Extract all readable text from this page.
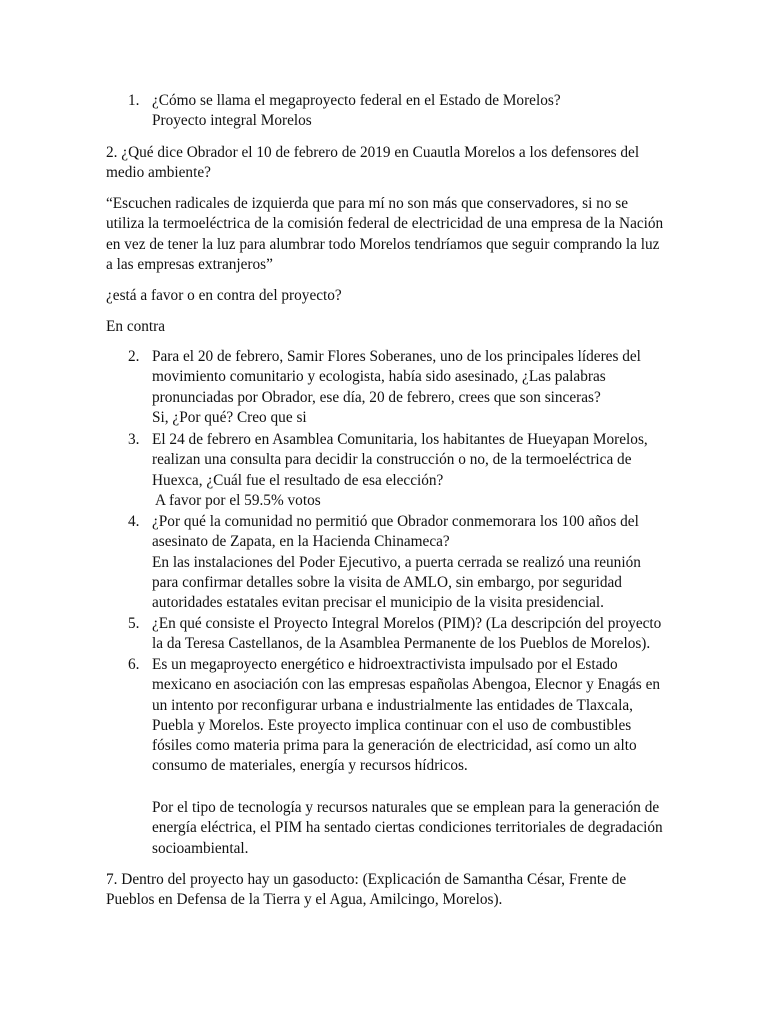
1. ¿Cómo se llama el megaproyecto federal en el Estado de Morelos?
Proyecto integral Morelos
2. ¿Qué dice Obrador el 10 de febrero de 2019 en Cuautla Morelos a los defensores del
medio ambiente?
“Escuchen radicales de izquierda que para mí no son más que conservadores, si no se
utiliza la termoeléctrica de la comisión federal de electricidad de una empresa de la Nación
en vez de tener la luz para alumbrar todo Morelos tendríamos que seguir comprando la luz
a las empresas extranjeros”
¿está a favor o en contra del proyecto?
En contra
2. Para el 20 de febrero, Samir Flores Soberanes, uno de los principales líderes del
movimiento comunitario y ecologista, había sido asesinado, ¿Las palabras
pronunciadas por Obrador, ese día, 20 de febrero, crees que son sinceras?
Si, ¿Por qué? Creo que si
3. El 24 de febrero en Asamblea Comunitaria, los habitantes de Hueyapan Morelos,
realizan una consulta para decidir la construcción o no, de la termoeléctrica de
Huexca, ¿Cuál fue el resultado de esa elección?
A favor por el 59.5% votos
4. ¿Por qué la comunidad no permitió que Obrador conmemorara los 100 años del
asesinato de Zapata, en la Hacienda Chinameca?
En las instalaciones del Poder Ejecutivo, a puerta cerrada se realizó una reunión
para confirmar detalles sobre la visita de AMLO, sin embargo, por seguridad
autoridades estatales evitan precisar el municipio de la visita presidencial.
5. ¿En qué consiste el Proyecto Integral Morelos (PIM)? (La descripción del proyecto
la da Teresa Castellanos, de la Asamblea Permanente de los Pueblos de Morelos).
6. Es un megaproyecto energético e hidroextractivista impulsado por el Estado
mexicano en asociación con las empresas españolas Abengoa, Elecnor y Enagás en
un intento por reconfigurar urbana e industrialmente las entidades de Tlaxcala,
Puebla y Morelos. Este proyecto implica continuar con el uso de combustibles
fósiles como materia prima para la generación de electricidad, así como un alto
consumo de materiales, energía y recursos hídricos.
Por el tipo de tecnología y recursos naturales que se emplean para la generación de
energía eléctrica, el PIM ha sentado ciertas condiciones territoriales de degradación
socioambiental.
7. Dentro del proyecto hay un gasoducto: (Explicación de Samantha César, Frente de
Pueblos en Defensa de la Tierra y el Agua, Amilcingo, Morelos).
